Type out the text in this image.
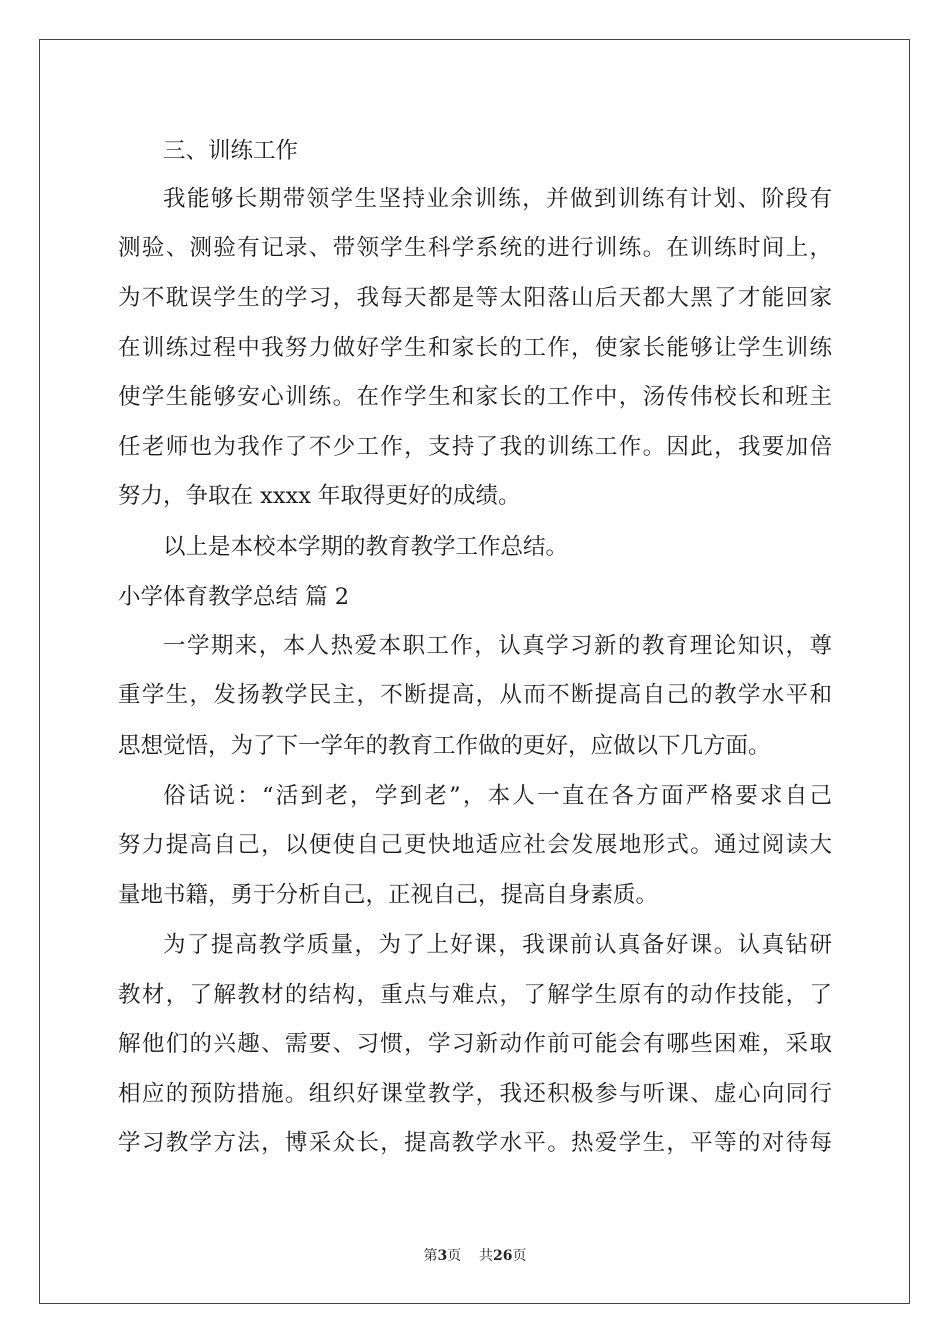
三、训练工作
我能够长期带领学生坚持业余训练，并做到训练有计划、阶段有
测验、测验有记录、带领学生科学系统的进行训练。在训练时间上，
为不耽误学生的学习，我每天都是等太阳落山后天都大黑了才能回家
在训练过程中我努力做好学生和家长的工作，使家长能够让学生训练
使学生能够安心训练。在作学生和家长的工作中，汤传伟校长和班主
任老师也为我作了不少工作，支持了我的训练工作。因此，我要加倍
努力，争取在 xxxx 年取得更好的成绩。
以上是本校本学期的教育教学工作总结。
小学体育教学总结 篇 2
一学期来，本人热爱本职工作，认真学习新的教育理论知识，尊
重学生，发扬教学民主，不断提高，从而不断提高自己的教学水平和
思想觉悟，为了下一学年的教育工作做的更好，应做以下几方面。
俗话说：“活到老，学到老”，本人一直在各方面严格要求自己
努力提高自己，以便使自己更快地适应社会发展地形式。通过阅读大
量地书籍，勇于分析自己，正视自己，提高自身素质。
为了提高教学质量，为了上好课，我课前认真备好课。认真钻研
教材，了解教材的结构，重点与难点，了解学生原有的动作技能，了
解他们的兴趣、需要、习惯，学习新动作前可能会有哪些困难，采取
相应的预防措施。组织好课堂教学，我还积极参与听课、虚心向同行
学习教学方法，博采众长，提高教学水平。热爱学生，平等的对待每
第3页 共26页
